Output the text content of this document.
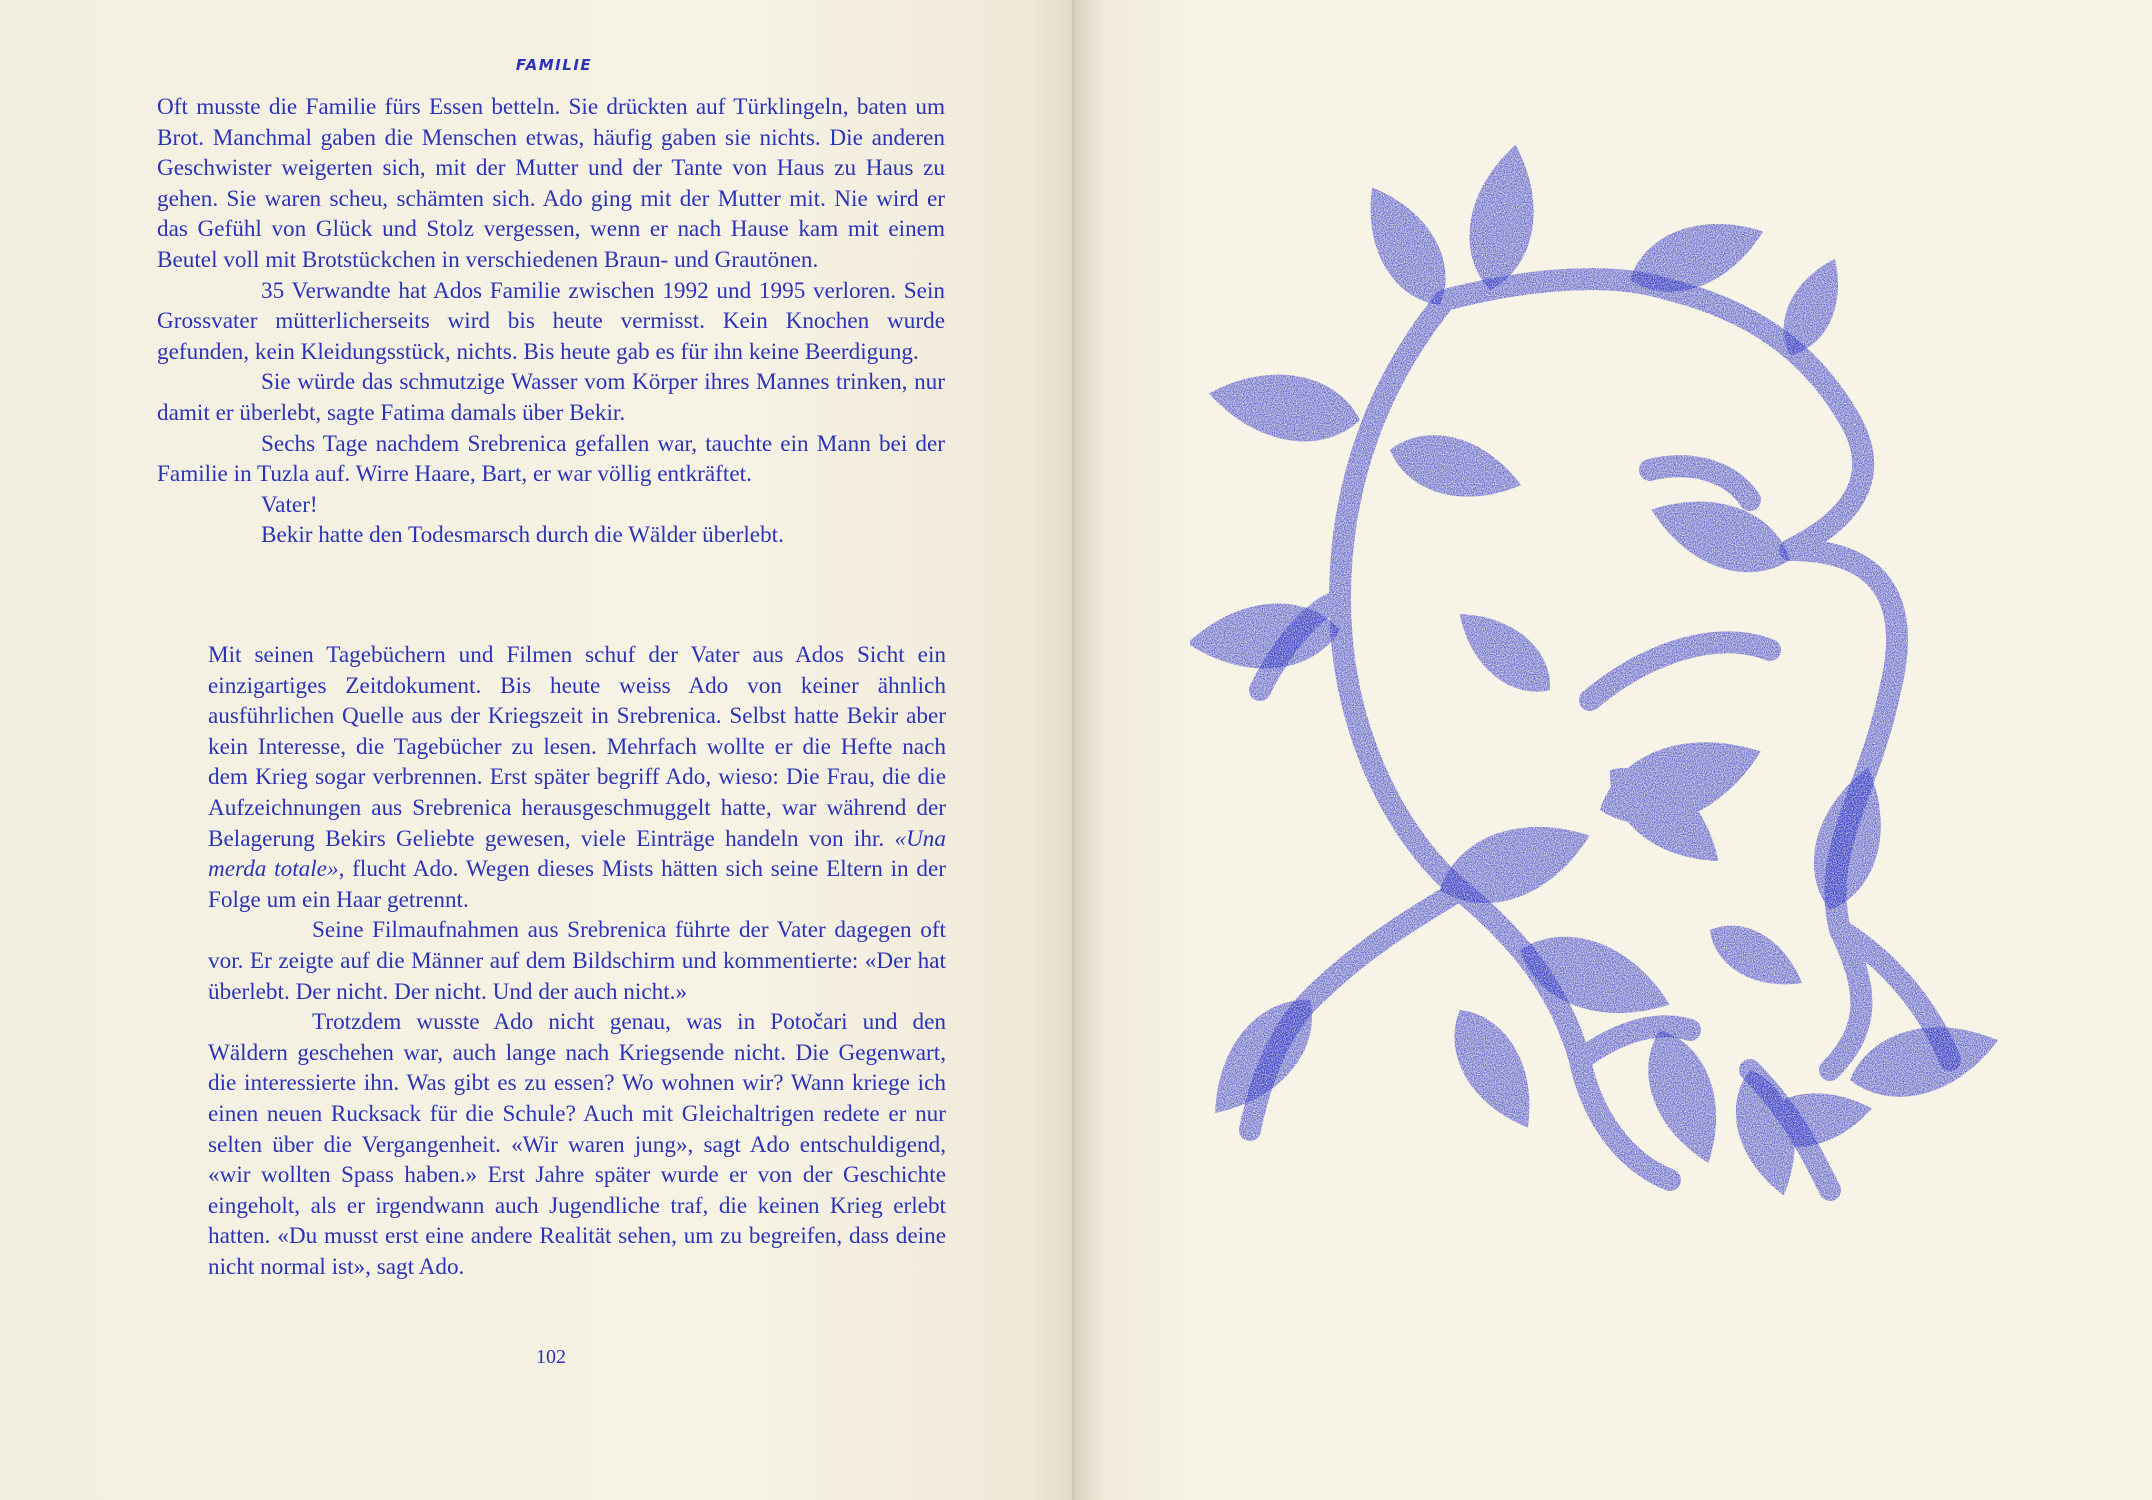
FAMILIE

Oft musste die Familie fürs Essen betteln. Sie drückten auf Türklingeln, baten um Brot. Manchmal gaben die Menschen etwas, häufig gaben sie nichts. Die anderen Geschwister weigerten sich, mit der Mutter und der Tante von Haus zu Haus zu gehen. Sie waren scheu, schämten sich. Ado ging mit der Mutter mit. Nie wird er das Gefühl von Glück und Stolz vergessen, wenn er nach Hause kam mit einem Beutel voll mit Brotstückchen in verschiedenen Braun- und Grautönen.

35 Verwandte hat Ados Familie zwischen 1992 und 1995 verloren. Sein Grossvater mütterlicherseits wird bis heute vermisst. Kein Knochen wurde gefunden, kein Kleidungsstück, nichts. Bis heute gab es für ihn keine Beerdigung.

Sie würde das schmutzige Wasser vom Körper ihres Mannes trinken, nur damit er überlebt, sagte Fatima damals über Bekir.

Sechs Tage nachdem Srebrenica gefallen war, tauchte ein Mann bei der Familie in Tuzla auf. Wirre Haare, Bart, er war völlig entkräftet.

Vater!

Bekir hatte den Todesmarsch durch die Wälder überlebt.

Mit seinen Tagebüchern und Filmen schuf der Vater aus Ados Sicht ein einzigartiges Zeitdokument. Bis heute weiss Ado von keiner ähnlich ausführlichen Quelle aus der Kriegszeit in Srebrenica. Selbst hatte Bekir aber kein Interesse, die Tagebücher zu lesen. Mehrfach wollte er die Hefte nach dem Krieg sogar verbrennen. Erst später begriff Ado, wieso: Die Frau, die die Aufzeichnungen aus Srebrenica herausgeschmuggelt hatte, war während der Belagerung Bekirs Geliebte gewesen, viele Einträge handeln von ihr. «Una merda totale», flucht Ado. Wegen dieses Mists hätten sich seine Eltern in der Folge um ein Haar getrennt.

Seine Filmaufnahmen aus Srebrenica führte der Vater dagegen oft vor. Er zeigte auf die Männer auf dem Bildschirm und kommentierte: «Der hat überlebt. Der nicht. Der nicht. Und der auch nicht.»

Trotzdem wusste Ado nicht genau, was in Potočari und den Wäldern geschehen war, auch lange nach Kriegsende nicht. Die Gegenwart, die interessierte ihn. Was gibt es zu essen? Wo wohnen wir? Wann kriege ich einen neuen Rucksack für die Schule? Auch mit Gleichaltrigen redete er nur selten über die Vergangenheit. «Wir waren jung», sagt Ado entschuldigend, «wir wollten Spass haben.» Erst Jahre später wurde er von der Geschichte eingeholt, als er irgendwann auch Jugendliche traf, die keinen Krieg erlebt hatten. «Du musst erst eine andere Realität sehen, um zu begreifen, dass deine nicht normal ist», sagt Ado.

102
